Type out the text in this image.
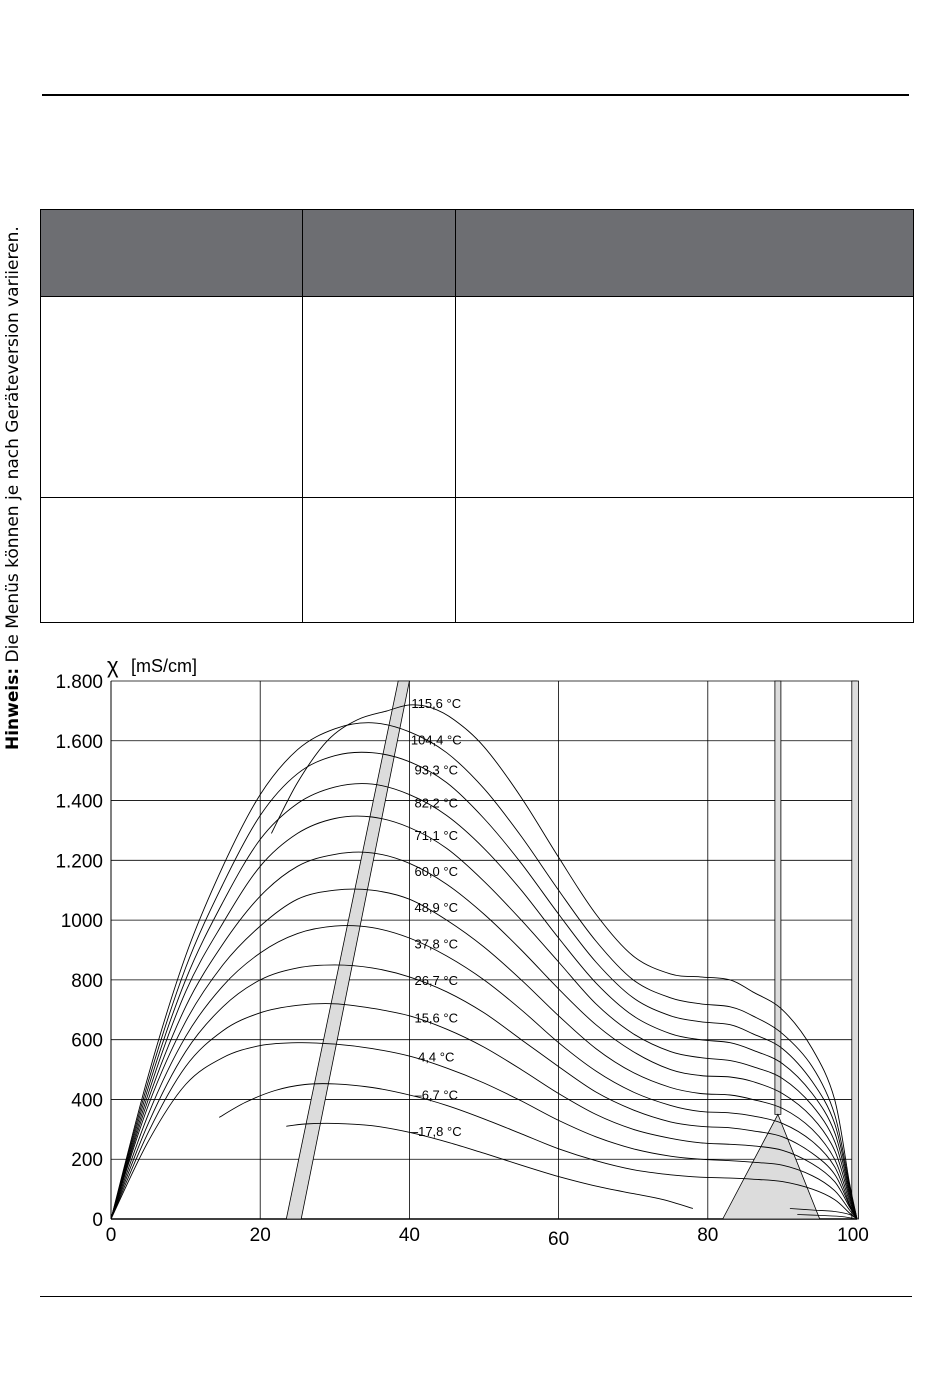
Hinweis: Die Menüs können je nach Geräteversion variieren.

115,6 °C
104,4 °C
93,3 °C
82,2 °C
71,1 °C
60,0 °C
48,9 °C
37,8 °C
26,7 °C
15,6 °C
4,4 °C
–6,7 °C
–17,8 °C
0
200
400
600
800
1000
1.200
1.400
1.600
1.800
0	20	40	60	80	100
χ [mS/cm]
